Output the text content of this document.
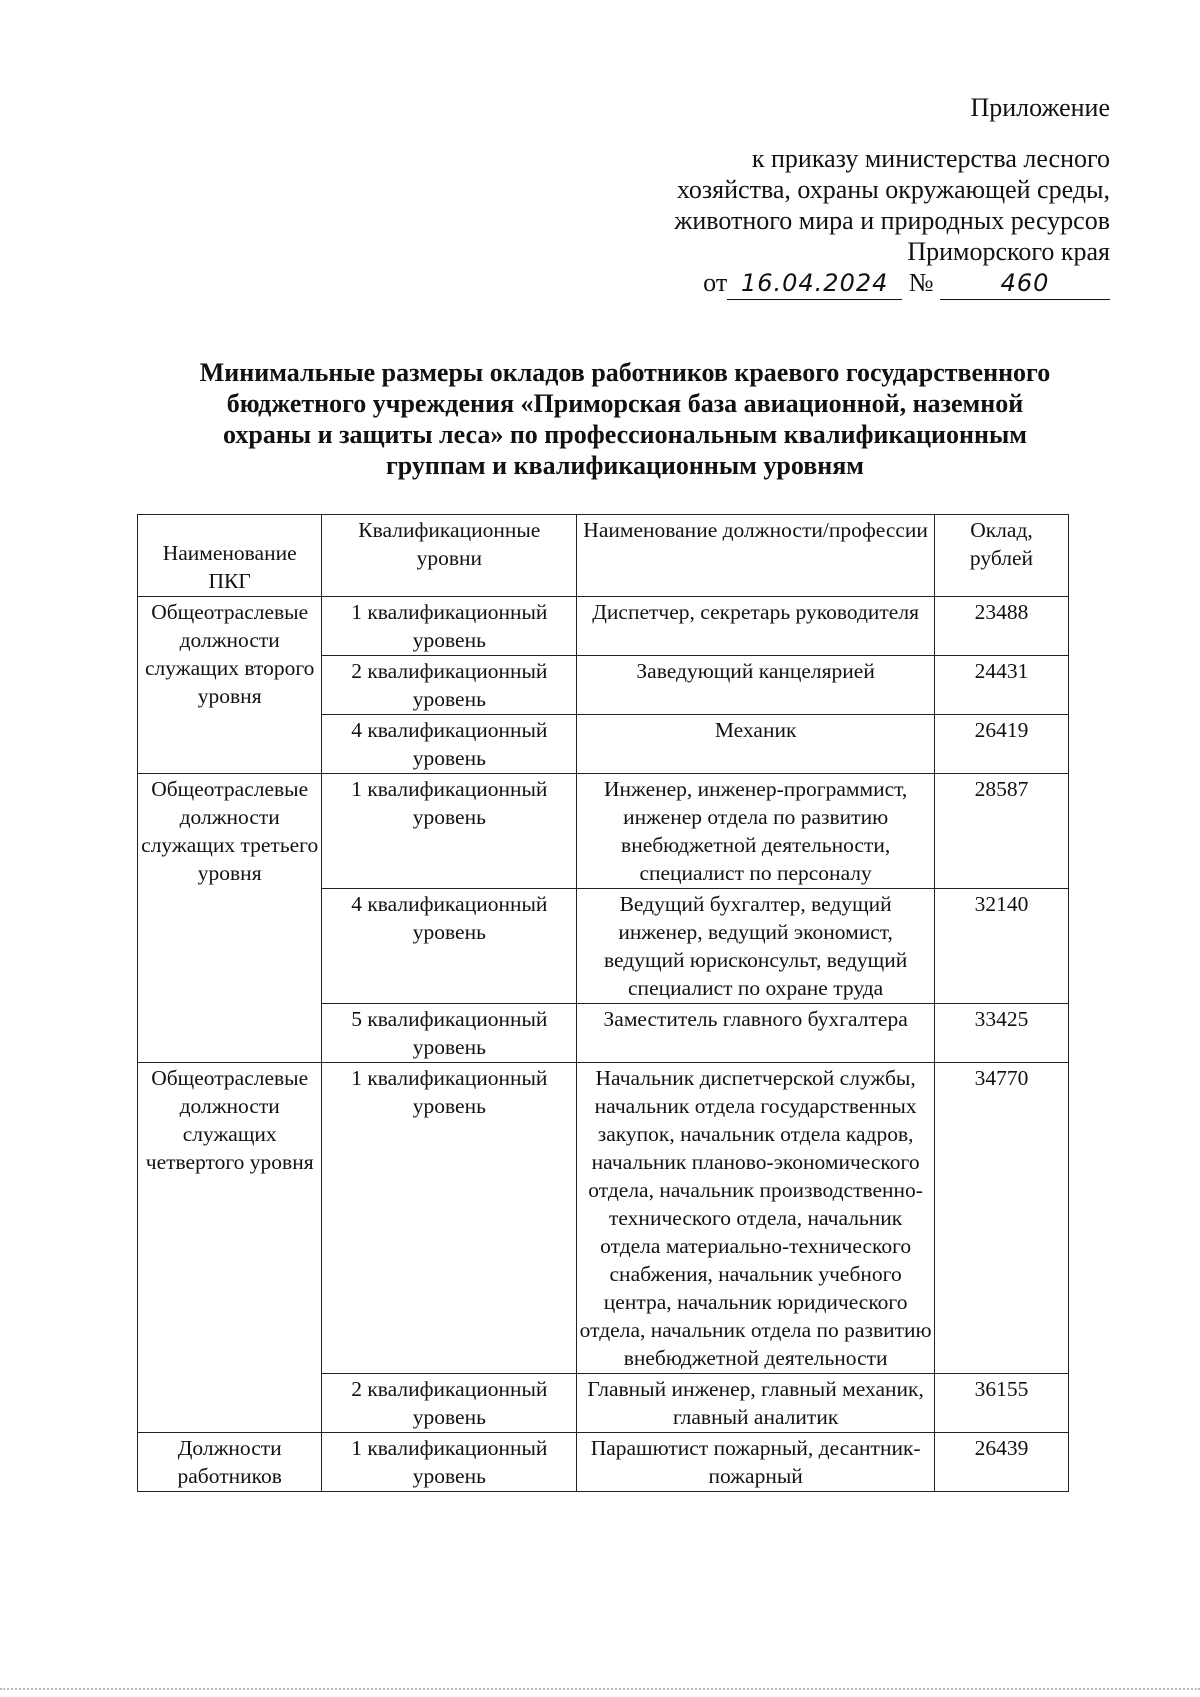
Приложение
к приказу министерства лесного
хозяйства, охраны окружающей среды,
животного мира и природных ресурсов
Приморского края
от 16.04.2024 №	460
Минимальные размеры окладов работников краевого государственного
бюджетного учреждения «Приморская база авиационной, наземной
охраны и защиты леса» по профессиональным квалификационным
группам и квалификационным уровням
Наименование ПКГ	Квалификационные уровни	Наименование должности/профессии	Оклад, рублей
Общеотраслевые должности служащих второго уровня	1 квалификационный уровень	Диспетчер, секретарь руководителя	23488
	2 квалификационный уровень	Заведующий канцелярией	24431
	4 квалификационный уровень	Механик	26419
Общеотраслевые должности служащих третьего уровня	1 квалификационный уровень	Инженер, инженер-программист, инженер отдела по развитию внебюджетной деятельности, специалист по персоналу	28587
	4 квалификационный уровень	Ведущий бухгалтер, ведущий инженер, ведущий экономист, ведущий юрисконсульт, ведущий специалист по охране труда	32140
	5 квалификационный уровень	Заместитель главного бухгалтера	33425
Общеотраслевые должности служащих четвертого уровня	1 квалификационный уровень	Начальник диспетчерской службы, начальник отдела государственных закупок, начальник отдела кадров, начальник планово-экономического отдела, начальник производственно-технического отдела, начальник отдела материально-технического снабжения, начальник учебного центра, начальник юридического отдела, начальник отдела по развитию внебюджетной деятельности	34770
	2 квалификационный уровень	Главный инженер, главный механик, главный аналитик	36155
Должности работников	1 квалификационный уровень	Парашютист пожарный, десантник-пожарный	26439
